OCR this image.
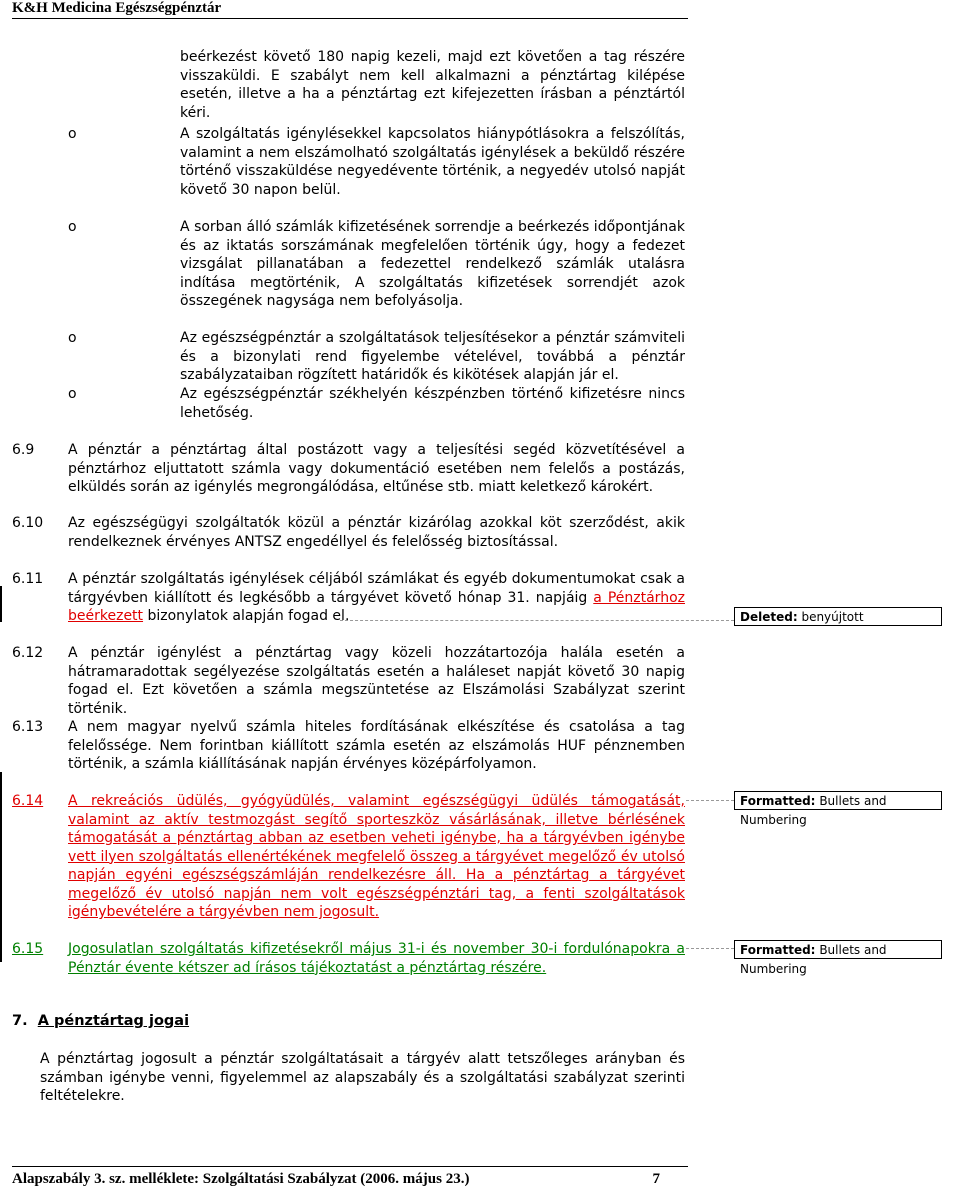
K&H Medicina Egészségpénztár
beérkezést követő 180 napig kezeli, majd ezt követően a tag részére visszaküldi. E szabályt nem kell alkalmazni a pénztártag kilépése esetén, illetve a ha a pénztártag ezt kifejezetten írásban a pénztártól kéri.
o	A szolgáltatás igénylésekkel kapcsolatos hiánypótlásokra a felszólítás, valamint a nem elszámolható szolgáltatás igénylések a beküldő részére történő visszaküldése negyedévente történik, a negyedév utolsó napját követő 30 napon belül.
o	A sorban álló számlák kifizetésének sorrendje a beérkezés időpontjának és az iktatás sorszámának megfelelően történik úgy, hogy a fedezet vizsgálat pillanatában a fedezettel rendelkező számlák utalásra indítása megtörténik, A szolgáltatás kifizetések sorrendjét azok összegének nagysága nem befolyásolja.
o	Az egészségpénztár a szolgáltatások teljesítésekor a pénztár számviteli és a bizonylati rend figyelembe vételével, továbbá a pénztár szabályzataiban rögzített határidők és kikötések alapján jár el.
o	Az egészségpénztár székhelyén készpénzben történő kifizetésre nincs lehetőség.
6.9 A pénztár a pénztártag által postázott vagy a teljesítési segéd közvetítésével a pénztárhoz eljuttatott számla vagy dokumentáció esetében nem felelős a postázás, elküldés során az igénylés megrongálódása, eltűnése stb. miatt keletkező károkért.
6.10 Az egészségügyi szolgáltatók közül a pénztár kizárólag azokkal köt szerződést, akik rendelkeznek érvényes ANTSZ engedéllyel és felelősség biztosítással.
6.11 A pénztár szolgáltatás igénylések céljából számlákat és egyéb dokumentumokat csak a tárgyévben kiállított és legkésőbb a tárgyévet követő hónap 31. napjáig a Pénztárhoz beérkezett bizonylatok alapján fogad el.	Deleted: benyújtott
6.12 A pénztár igénylést a pénztártag vagy közeli hozzátartozója halála esetén a hátramaradottak segélyezése szolgáltatás esetén a haláleset napját követő 30 napig fogad el. Ezt követően a számla megszüntetése az Elszámolási Szabályzat szerint történik.
6.13 A nem magyar nyelvű számla hiteles fordításának elkészítése és csatolása a tag felelőssége. Nem forintban kiállított számla esetén az elszámolás HUF pénznemben történik, a számla kiállításának napján érvényes középárfolyamon.
6.14 A rekreációs üdülés, gyógyüdülés, valamint egészségügyi üdülés támogatását, valamint az aktív testmozgást segítő sporteszköz vásárlásának, illetve bérlésének támogatását a pénztártag abban az esetben veheti igénybe, ha a tárgyévben igénybe vett ilyen szolgáltatás ellenértékének megfelelő összeg a tárgyévet megelőző év utolsó napján egyéni egészségszámláján rendelkezésre áll. Ha a pénztártag a tárgyévet megelőző év utolsó napján nem volt egészségpénztári tag, a fenti szolgáltatások igénybevételére a tárgyévben nem jogosult.
Formatted: Bullets and Numbering
6.15 Jogosulatlan szolgáltatás kifizetésekről május 31-i és november 30-i fordulónapokra a Pénztár évente kétszer ad írásos tájékoztatást a pénztártag részére.
Formatted: Bullets and Numbering
7. A pénztártag jogai
A pénztártag jogosult a pénztár szolgáltatásait a tárgyév alatt tetszőleges arányban és számban igénybe venni, figyelemmel az alapszabály és a szolgáltatási szabályzat szerinti feltételekre.
Alapszabály 3. sz. melléklete: Szolgáltatási Szabályzat (2006. május 23.)	7
